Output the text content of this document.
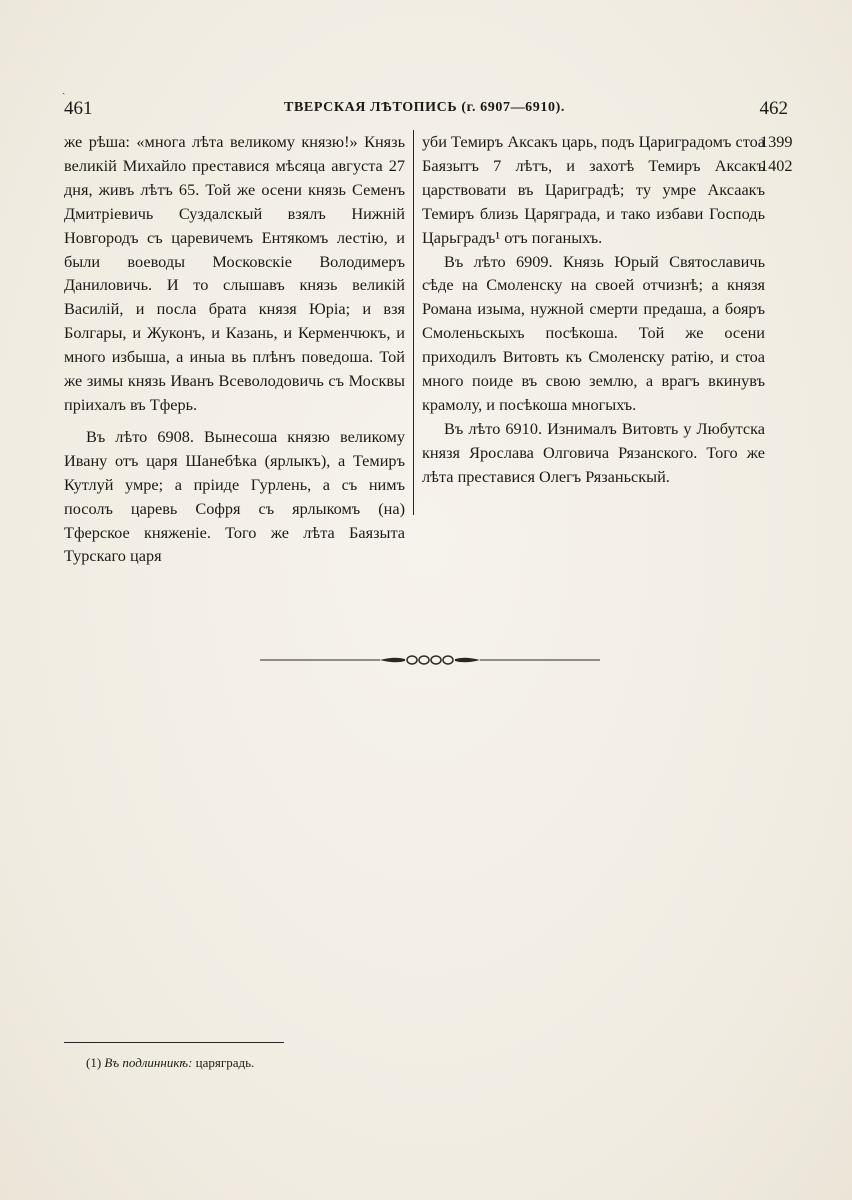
ˏ
461	ТВЕРСКАЯ ЛѢТОПИСЬ (г. 6907—6910).	462

же рѣша: «многа лѣта великому князю!» Князь великій Михайло преставися мѣсяца августа 27 дня, живъ лѣтъ 65. Той же осени князь Семенъ Дмитріевичь Суздалскый взялъ Нижній Новгородъ съ царевичемъ Ентякомъ лестію, и были воеводы Московскіе Володимеръ Даниловичь. И то слышавъ князь великій Василій, и посла брата князя Юріа; и взя Болгары, и Жуконъ, и Казань, и Керменчюкъ, и много избыша, а иныа вь плѣнъ поведоша. Той же зимы князь Иванъ Всеволодовичь съ Москвы пріихалъ въ Тферь.

Въ лѣто 6908. Вынесоша князю великому Ивану отъ царя Шанебѣка (ярлыкъ), а Темиръ Кутлуй умре; а пріиде Гурлень, а съ нимъ посолъ царевь Софря съ ярлыкомъ (на) Тферское княженіе. Того же лѣта Баязыта Турскаго царя

уби Темиръ Аксакъ царь, подъ Цариградомъ стоа Баязытъ 7 лѣтъ, и захотѣ Темиръ Аксакъ царствовати въ Цариградѣ; ту умре Аксаакъ Темиръ близь Царяграда, и тако избави Господь Царьградъ¹ отъ поганыхъ.

Въ лѣто 6909. Князь Юрый Святославичь сѣде на Смоленску на своей отчизнѣ; а князя Романа изыма, нужной смерти предаша, а бояръ Смоленьскыхъ посѣкоша. Той же осени приходилъ Витовть къ Смоленску ратію, и стоа много поиде въ свою землю, а врагъ вкинувъ крамолу, и посѣкоша многыхъ.

Въ лѣто 6910. Изнималъ Витовть у Любутска князя Ярослава Олговича Рязанского. Того же лѣта преставися Олегъ Рязаньскый.

1399
1402
(1) Въ подлинникѣ: царяградь.
